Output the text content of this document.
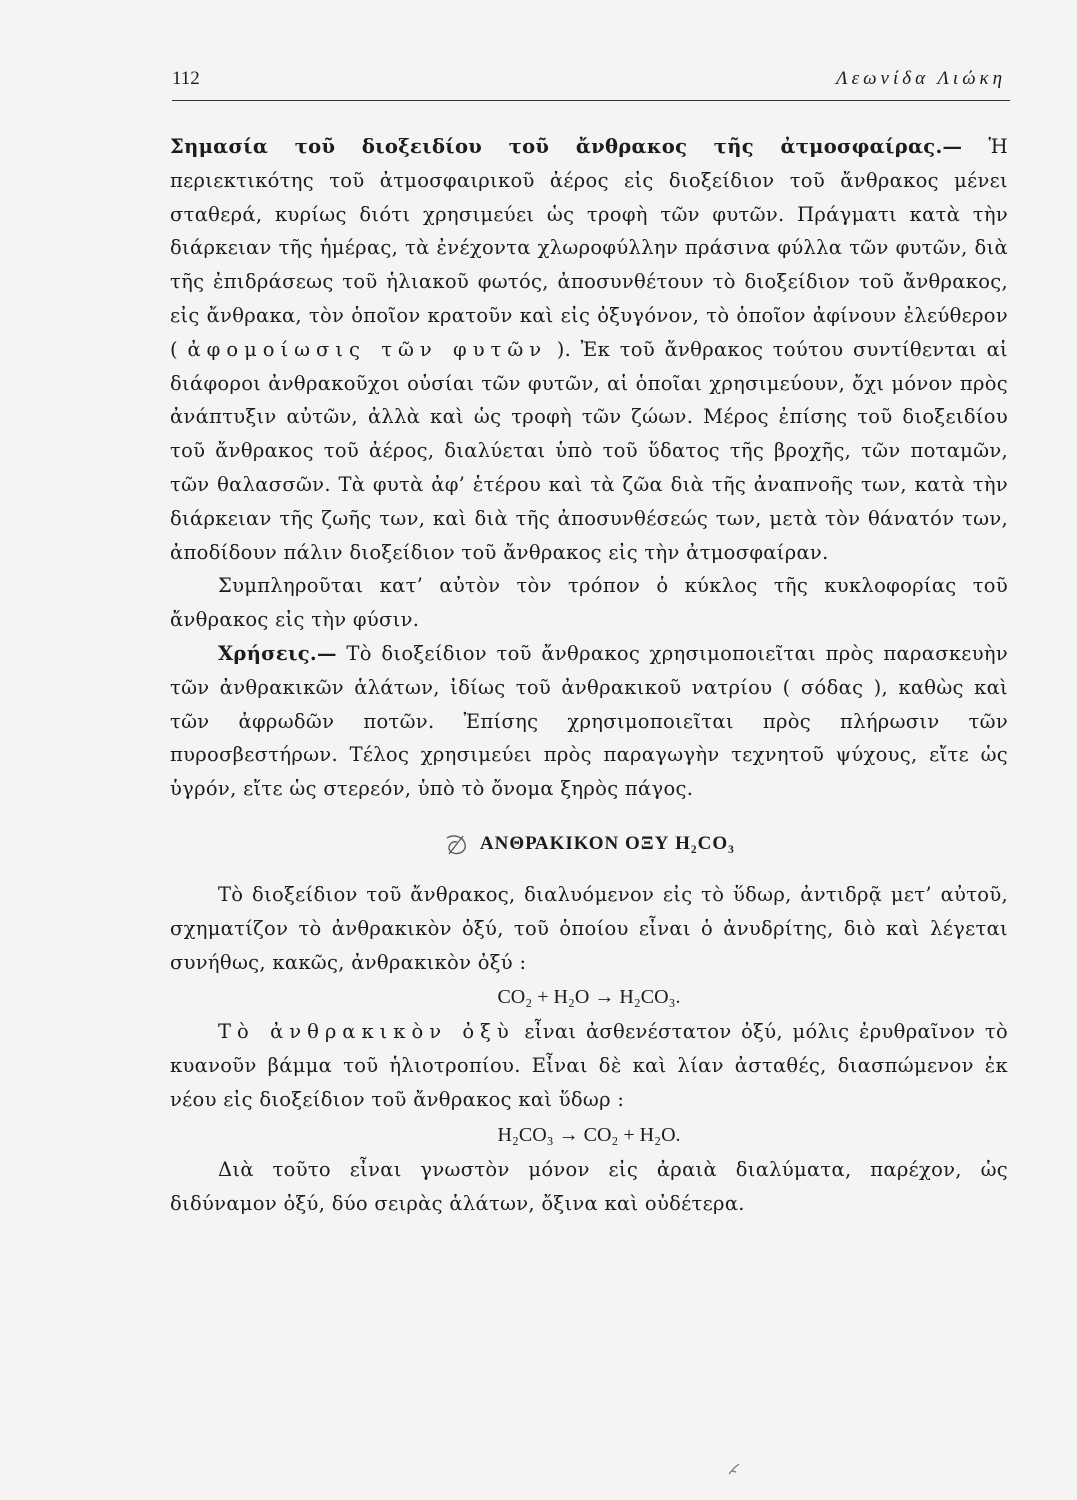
112	Λεωνίδα Λιώκη

Σημασία τοῦ διοξειδίου τοῦ ἄνθρακος τῆς ἀτμοσφαίρας.— Ἡ περιεκτικότης τοῦ ἀτμοσφαιρικοῦ ἀέρος εἰς διοξείδιον τοῦ ἄνθρακος μένει σταθερά, κυρίως διότι χρησιμεύει ὡς τροφὴ τῶν φυτῶν. Πράγματι κατὰ τὴν διάρκειαν τῆς ἡμέρας, τὰ ἐνέχοντα χλωροφύλλην πράσινα φύλλα τῶν φυτῶν, διὰ τῆς ἐπιδράσεως τοῦ ἡλιακοῦ φωτός, ἀποσυνθέτουν τὸ διοξείδιον τοῦ ἄνθρακος, εἰς ἄνθρακα, τὸν ὁποῖον κρατοῦν καὶ εἰς ὀξυγόνον, τὸ ὁποῖον ἀφίνουν ἐλεύθερον ( ἀφομοίωσις τῶν φυτῶν ). Ἐκ τοῦ ἄνθρακος τούτου συντίθενται αἱ διάφοροι ἀνθρακοῦχοι οὐσίαι τῶν φυτῶν, αἱ ὁποῖαι χρησιμεύουν, ὄχι μόνον πρὸς ἀνάπτυξιν αὐτῶν, ἀλλὰ καὶ ὡς τροφὴ τῶν ζώων. Μέρος ἐπίσης τοῦ διοξειδίου τοῦ ἄνθρακος τοῦ ἀέρος, διαλύεται ὑπὸ τοῦ ὕδατος τῆς βροχῆς, τῶν ποταμῶν, τῶν θαλασσῶν. Τὰ φυτὰ ἀφ’ ἑτέρου καὶ τὰ ζῶα διὰ τῆς ἀναπνοῆς των, κατὰ τὴν διάρκειαν τῆς ζωῆς των, καὶ διὰ τῆς ἀποσυνθέσεώς των, μετὰ τὸν θάνατόν των, ἀποδίδουν πάλιν διοξείδιον τοῦ ἄνθρακος εἰς τὴν ἀτμοσφαίραν.

Συμπληροῦται κατ’ αὐτὸν τὸν τρόπον ὁ κύκλος τῆς κυκλοφορίας τοῦ ἄνθρακος εἰς τὴν φύσιν.

Χρήσεις.— Τὸ διοξείδιον τοῦ ἄνθρακος χρησιμοποιεῖται πρὸς παρασκευὴν τῶν ἀνθρακικῶν ἁλάτων, ἰδίως τοῦ ἀνθρακικοῦ νατρίου ( σόδας ), καθὼς καὶ τῶν ἀφρωδῶν ποτῶν. Ἐπίσης χρησιμοποιεῖται πρὸς πλήρωσιν τῶν πυροσβεστήρων. Τέλος χρησιμεύει πρὸς παραγωγὴν τεχνητοῦ ψύχους, εἴτε ὡς ὑγρόν, εἴτε ὡς στερεόν, ὑπὸ τὸ ὄνομα ξηρὸς πάγος.

ΑΝΘΡΑΚΙΚΟΝ ΟΞΥ H₂CO₃

Τὸ διοξείδιον τοῦ ἄνθρακος, διαλυόμενον εἰς τὸ ὕδωρ, ἀντιδρᾷ μετ’ αὐτοῦ, σχηματίζον τὸ ἀνθρακικὸν ὀξύ, τοῦ ὁποίου εἶναι ὁ ἀνυδρίτης, διὸ καὶ λέγεται συνήθως, κακῶς, ἀνθρακικὸν ὀξύ :

CO₂ + H₂O → H₂CO₃.

Τὸ ἀνθρακικὸν ὀξὺ εἶναι ἀσθενέστατον ὀξύ, μόλις ἐρυθραῖνον τὸ κυανοῦν βάμμα τοῦ ἡλιοτροπίου. Εἶναι δὲ καὶ λίαν ἀσταθές, διασπώμενον ἐκ νέου εἰς διοξείδιον τοῦ ἄνθρακος καὶ ὕδωρ :

H₂CO₃ → CO₂ + H₂O.

Διὰ τοῦτο εἶναι γνωστὸν μόνον εἰς ἀραιὰ διαλύματα, παρέχον, ὡς διδύναμον ὀξύ, δύο σειρὰς ἁλάτων, ὄξινα καὶ οὐδέτερα.
